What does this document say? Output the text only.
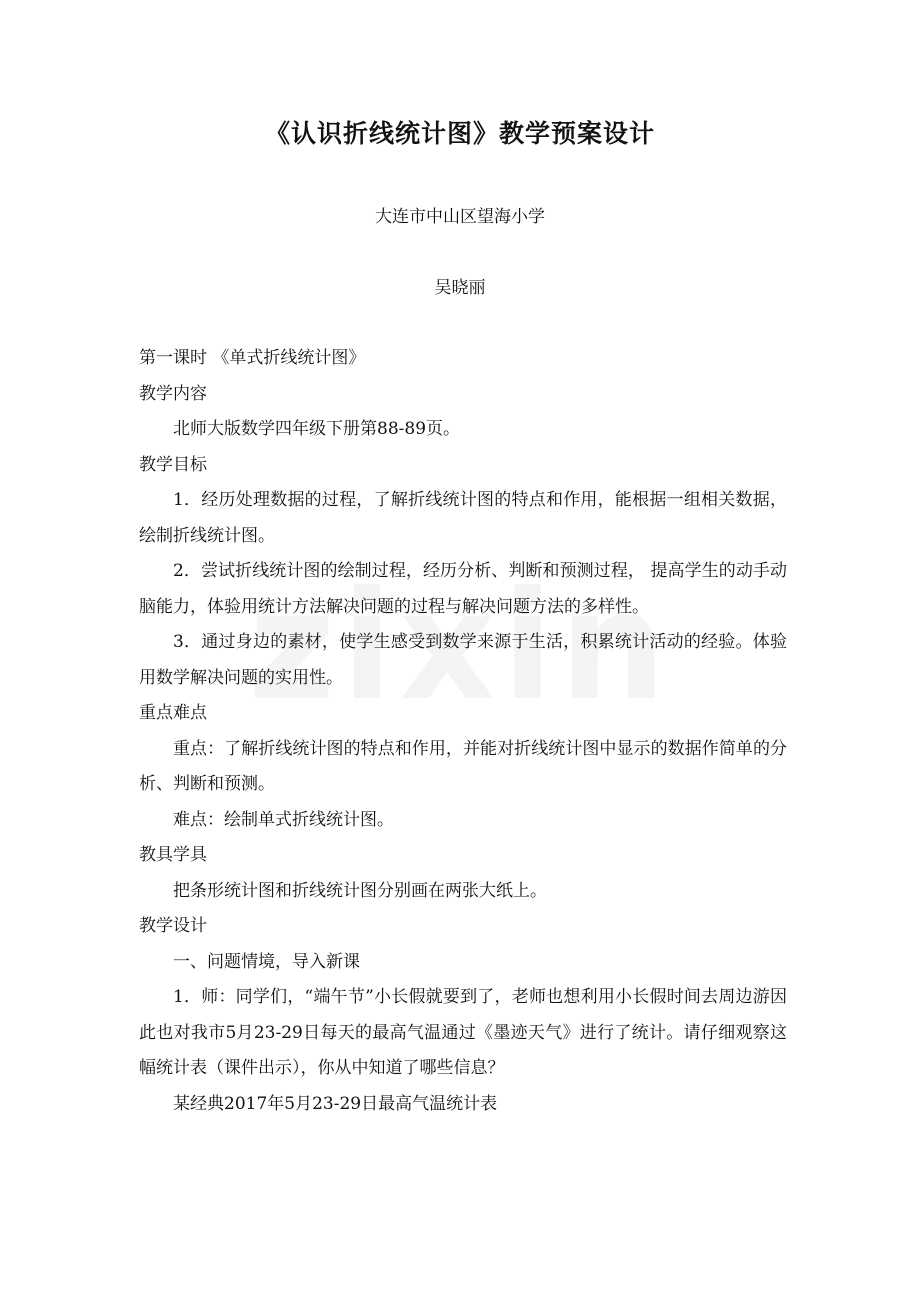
《认识折线统计图》教学预案设计
大连市中山区望海小学
吴晓丽

第一课时 《单式折线统计图》

教学内容

北师大版数学四年级下册第88-89页。

教学目标

1．经历处理数据的过程，了解折线统计图的特点和作用，能根据一组相关数据，绘制折线统计图。

2．尝试折线统计图的绘制过程，经历分析、判断和预测过程， 提高学生的动手动脑能力，体验用统计方法解决问题的过程与解决问题方法的多样性。

3．通过身边的素材，使学生感受到数学来源于生活，积累统计活动的经验。体验用数学解决问题的实用性。

重点难点

重点：了解折线统计图的特点和作用，并能对折线统计图中显示的数据作简单的分析、判断和预测。

难点：绘制单式折线统计图。

教具学具

把条形统计图和折线统计图分别画在两张大纸上。

教学设计

一、问题情境，导入新课

1．师：同学们，“端午节”小长假就要到了，老师也想利用小长假时间去周边游因此也对我市5月23-29日每天的最高气温通过《墨迹天气》进行了统计。请仔细观察这幅统计表（课件出示），你从中知道了哪些信息？

某经典2017年5月23-29日最高气温统计表
